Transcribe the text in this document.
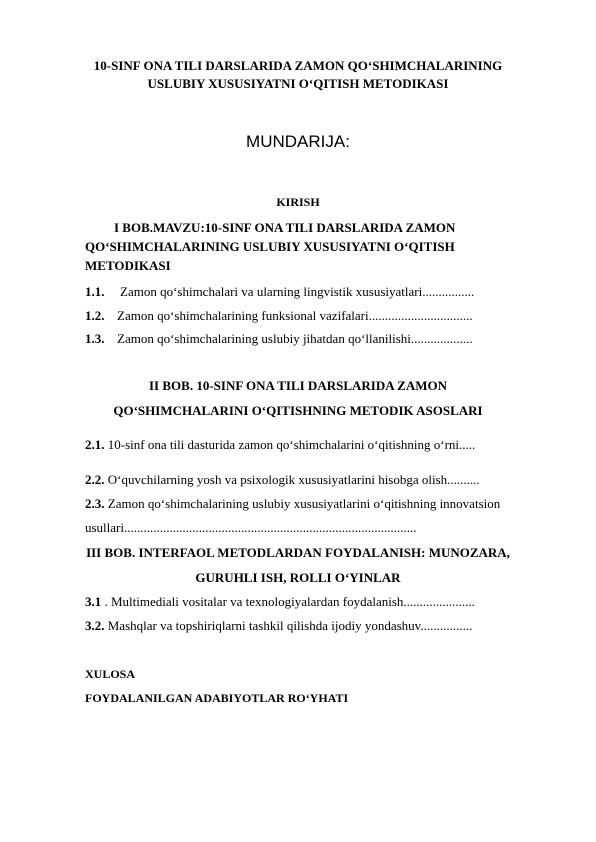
10-SINF ONA TILI DARSLARIDA ZAMON QO‘SHIMCHALARINING
USLUBIY XUSUSIYATNI O‘QITISH METODIKASI
MUNDARIJA:
KIRISH
I BOB.MAVZU:10-SINF ONA TILI DARSLARIDA ZAMON
QO‘SHIMCHALARINING USLUBIY XUSUSIYATNI O‘QITISH
METODIKASI
1.1. Zamon qo‘shimchalari va ularning lingvistik xususiyatlari................
1.2. Zamon qo‘shimchalarining funksional vazifalari................................
1.3. Zamon qo‘shimchalarining uslubiy jihatdan qo‘llanilishi...................
II BOB. 10-SINF ONA TILI DARSLARIDA ZAMON
QO‘SHIMCHALARINI O‘QITISHNING METODIK ASOSLARI
2.1. 10-sinf ona tili dasturida zamon qo‘shimchalarini o‘qitishning o‘rni.....
2.2. O‘quvchilarning yosh va psixologik xususiyatlarini hisobga olish..........
2.3. Zamon qo‘shimchalarining uslubiy xususiyatlarini o‘qitishning innovatsion
usullari..........................................................................................
III BOB. INTERFAOL METODLARDAN FOYDALANISH: MUNOZARA,
GURUHLI ISH, ROLLI O‘YINLAR
3.1 . Multimediali vositalar va texnologiyalardan foydalanish......................
3.2. Mashqlar va topshiriqlarni tashkil qilishda ijodiy yondashuv................
XULOSA
FOYDALANILGAN ADABIYOTLAR RO‘YHATI
